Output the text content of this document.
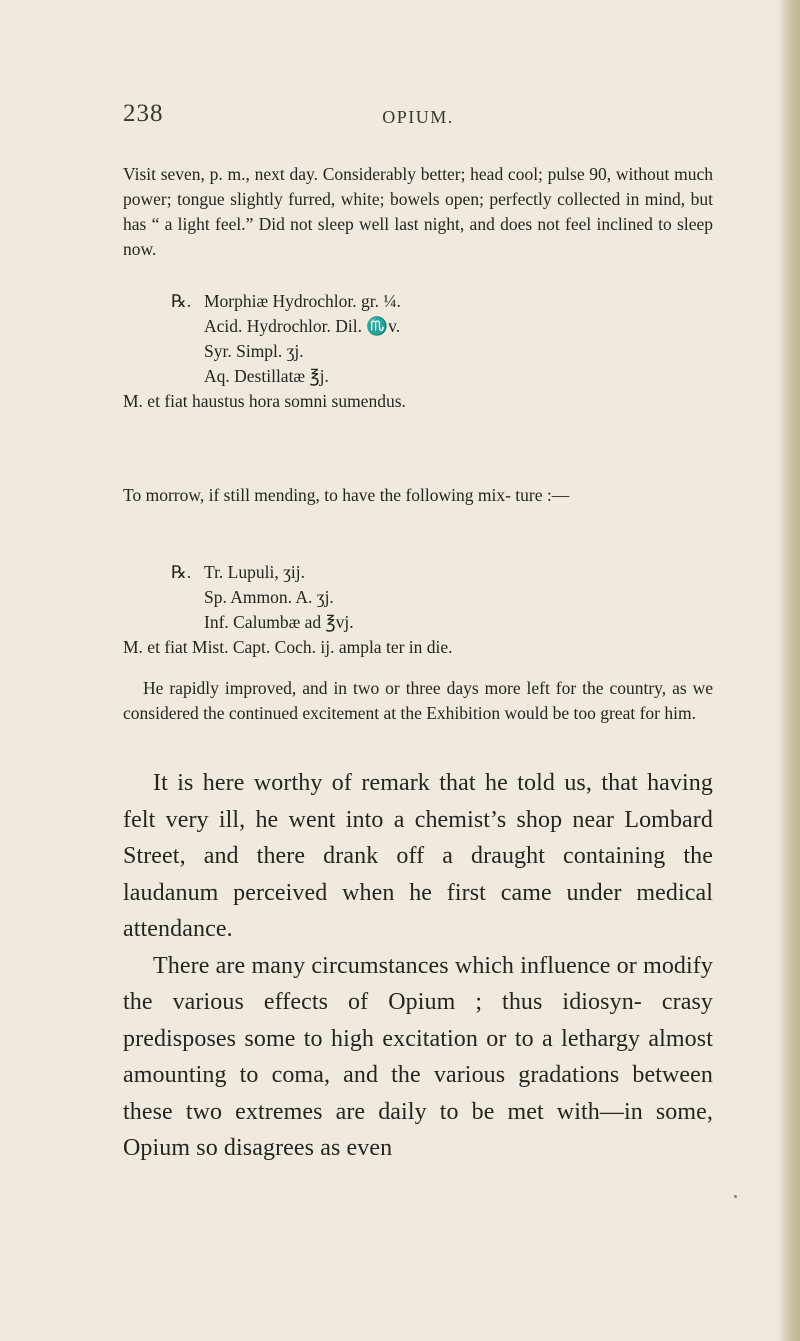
238	OPIUM.

Visit seven, p. m., next day. Considerably better; head cool; pulse 90, without much power; tongue slightly furred, white; bowels open; perfectly collected in mind, but has “ a light feel.” Did not sleep well last night, and does not feel inclined to sleep now.

℞. Morphiæ Hydrochlor. gr. ¼.
Acid. Hydrochlor. Dil. ♏v.
Syr. Simpl. ʒj.
Aq. Destillatæ ℥j.
M. et fiat haustus hora somni sumendus.

To morrow, if still mending, to have the following mix- ture :—

℞. Tr. Lupuli, ʒij.
Sp. Ammon. A. ʒj.
Inf. Calumbæ ad ℥vj.
M. et fiat Mist. Capt. Coch. ij. ampla ter in die.

He rapidly improved, and in two or three days more left for the country, as we considered the continued excitement at the Exhibition would be too great for him.

It is here worthy of remark that he told us, that having felt very ill, he went into a chemist’s shop near Lombard Street, and there drank off a draught containing the laudanum perceived when he first came under medical attendance.

There are many circumstances which influence or modify the various effects of Opium ; thus idiosyn- crasy predisposes some to high excitation or to a lethargy almost amounting to coma, and the various gradations between these two extremes are daily to be met with—in some, Opium so disagrees as even
